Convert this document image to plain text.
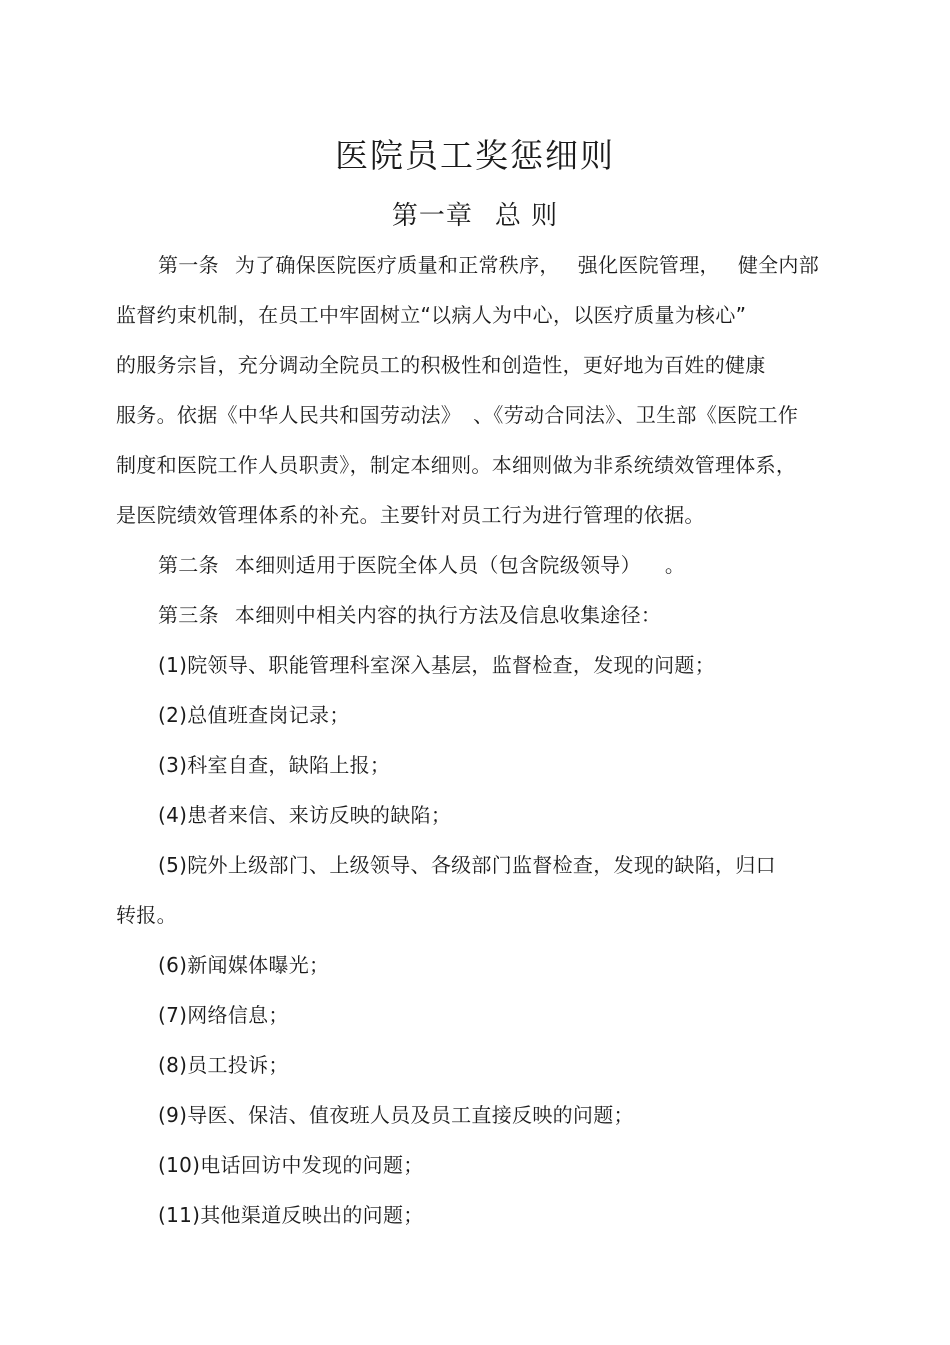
医院员工奖惩细则
第一章 总 则

第一条 为了确保医院医疗质量和正常秩序， 强化医院管理， 健全内部

监督约束机制，在员工中牢固树立“以病人为中心，以医疗质量为核心”

的服务宗旨，充分调动全院员工的积极性和创造性，更好地为百姓的健康

服务。依据《中华人民共和国劳动法》 、《劳动合同法》、卫生部《医院工作

制度和医院工作人员职责》，制定本细则。本细则做为非系统绩效管理体系，

是医院绩效管理体系的补充。主要针对员工行为进行管理的依据。

第二条 本细则适用于医院全体人员（包含院级领导） 。

第三条 本细则中相关内容的执行方法及信息收集途径：

(1)院领导、职能管理科室深入基层，监督检查，发现的问题；

(2)总值班查岗记录；

(3)科室自查，缺陷上报；

(4)患者来信、来访反映的缺陷；

(5)院外上级部门、上级领导、各级部门监督检查，发现的缺陷，归口

转报。

(6)新闻媒体曝光；

(7)网络信息；

(8)员工投诉；

(9)导医、保洁、值夜班人员及员工直接反映的问题；

(10)电话回访中发现的问题；

(11)其他渠道反映出的问题；
